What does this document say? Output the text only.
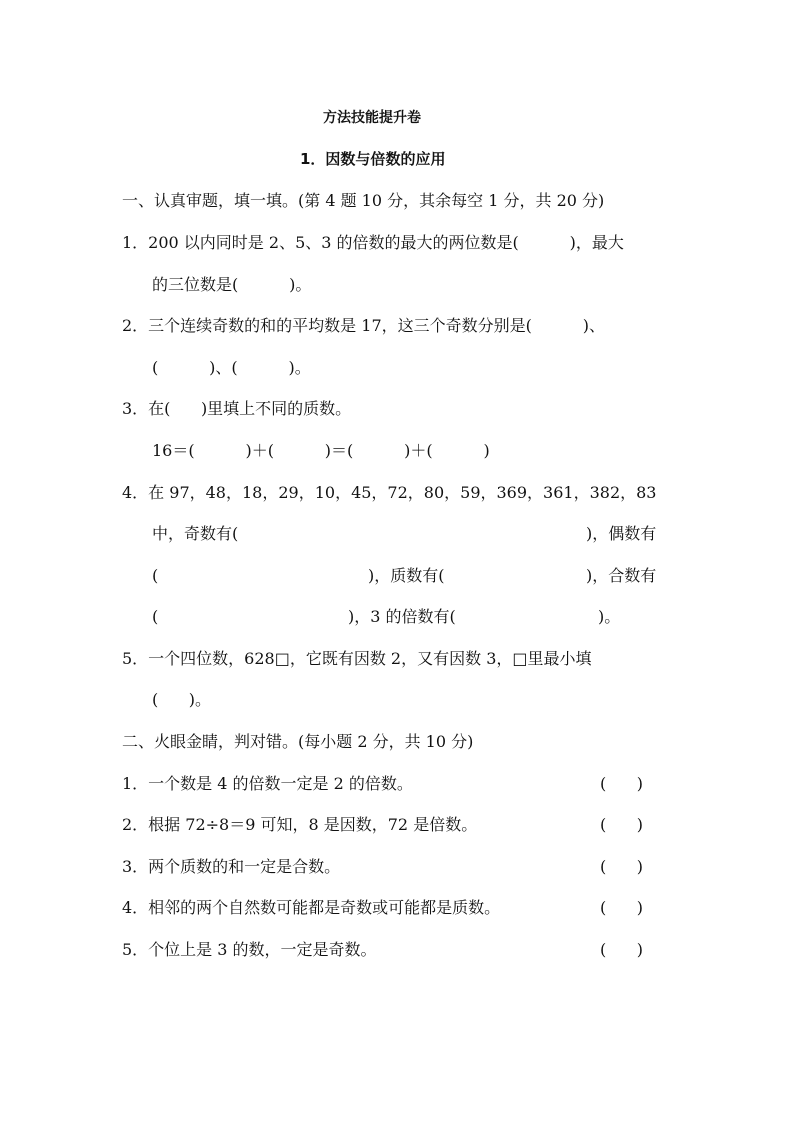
方法技能提升卷
1．因数与倍数的应用
一、认真审题，填一填。(第 4 题 10 分，其余每空 1 分，共 20 分)
1．200 以内同时是 2、5、3 的倍数的最大的两位数是(          )，最大
的三位数是(          )。
2．三个连续奇数的和的平均数是 17，这三个奇数分别是(          )、
(          )、(          )。
3．在(      )里填上不同的质数。
16＝(          )＋(          )＝(          )＋(          )
4．在 97，48，18，29，10，45，72，80，59，369，361，382，83
中，奇数有(	)，偶数有
(	)，质数有(	)，合数有
(	)，3 的倍数有(	)。
5．一个四位数，628□，它既有因数 2，又有因数 3，□里最小填
(      )。
二、火眼金睛，判对错。(每小题 2 分，共 10 分)
1．一个数是 4 的倍数一定是 2 的倍数。	(      )
2．根据 72÷8＝9 可知，8 是因数，72 是倍数。	(      )
3．两个质数的和一定是合数。	(      )
4．相邻的两个自然数可能都是奇数或可能都是质数。	(      )
5．个位上是 3 的数，一定是奇数。	(      )
